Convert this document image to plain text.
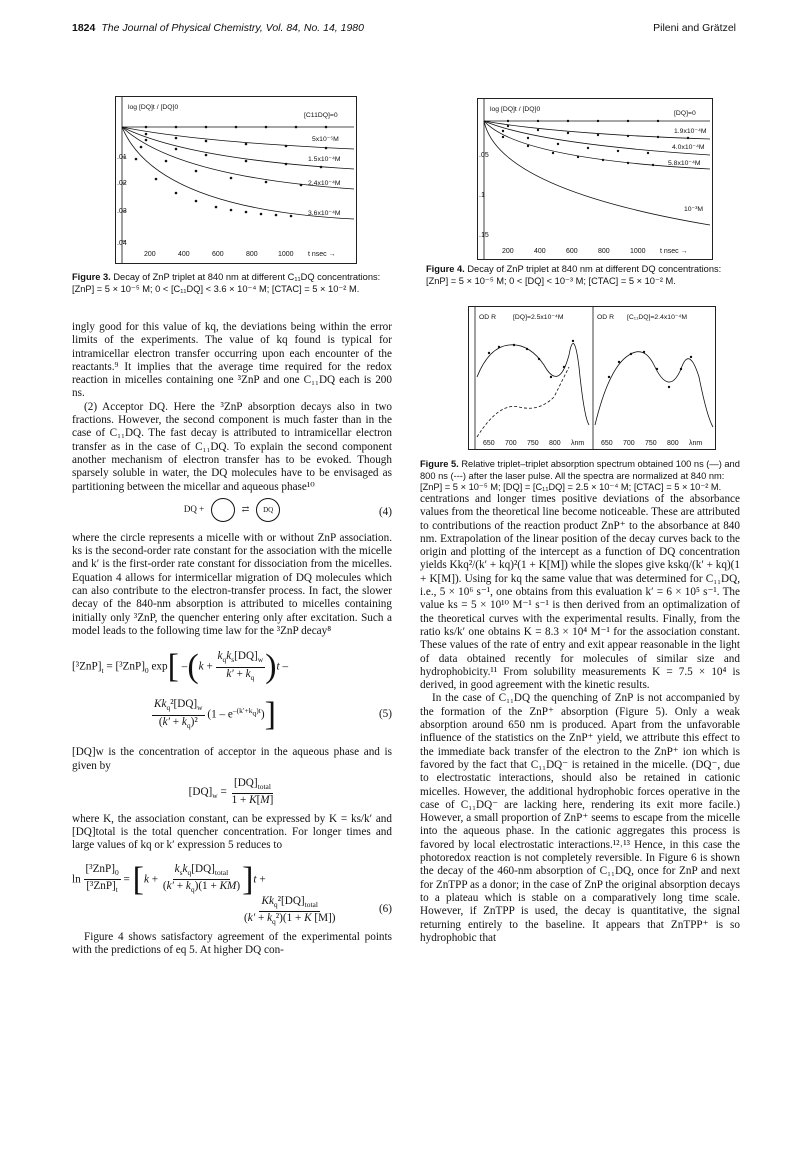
1824 The Journal of Physical Chemistry, Vol. 84, No. 14, 1980	Pileni and Grätzel
log [DQ]t / [DQ]0
[C11DQ]=0
5x10⁻⁵M
1.5x10⁻⁴M
2.4x10⁻⁴M
3.6x10⁻⁴M
.01
.02
.03
.04
200	400	600	800	1000 t nsec →
Figure 3. Decay of ZnP triplet at 840 nm at different C₁₁DQ concentrations: [ZnP] = 5 × 10⁻⁵ M; 0 < [C₁₁DQ] < 3.6 × 10⁻⁴ M; [CTAC] = 5 × 10⁻² M.
log [DQ]t / [DQ]0
[DQ]=0
1.9x10⁻⁴M
4.0x10⁻⁴M
5.8x10⁻⁴M
10⁻³M
.05
.1
.15
200	400	600	800	1000 t nsec →
Figure 4. Decay of ZnP triplet at 840 nm at different DQ concentrations: [ZnP] = 5 × 10⁻⁵ M; 0 < [DQ] < 10⁻³ M; [CTAC] = 5 × 10⁻² M.
OD R	[DQ]=2.5x10⁻⁴M	OD R [C₁₁DQ]=2.4x10⁻⁴M
650 700 750 800 λnm 650 700 750 800 λnm
Figure 5. Relative triplet–triplet absorption spectrum obtained 100 ns (—) and 800 ns (---) after the laser pulse. All the spectra are normalized at 840 nm: [ZnP] = 5 × 10⁻⁵ M; [DQ] = [C₁₁DQ] = 2.5 × 10⁻⁴ M; [CTAC] = 5 × 10⁻² M.

ingly good for this value of kq, the deviations being within the error limits of the experiments. The value of kq found is typical for intramicellar electron transfer occurring upon each encounter of the reactants.⁹ It implies that the average time required for the redox reaction in micelles containing one ³ZnP and one C₁₁DQ each is 200 ns.

(2) Acceptor DQ. Here the ³ZnP absorption decays also in two fractions. However, the second component is much faster than in the case of C₁₁DQ. The fast decay is attributed to intramicellar electron transfer as in the case of C₁₁DQ. To explain the second component another mechanism of electron transfer has to be evoked. Though sparsely soluble in water, the DQ molecules have to be envisaged as partitioning between the micellar and aqueous phase¹⁰

DQ +	⇄ DQ	(4)

where the circle represents a micelle with or without ZnP association. ks is the second-order rate constant for the association with the micelle and k′ is the first-order rate constant for dissociation from the micelles. Equation 4 allows for intermicellar migration of DQ molecules which can also contribute to the electron-transfer process. In fact, the slower decay of the 840-nm absorption is attributed to micelles containing initially only ³ZnP, the quencher entering only after excitation. Such a model leads to the following time law for the ³ZnP decay⁸

$[^3ZnP]_t = [^3ZnP]_0$ exp[ $-(k + \frac{k_qk_s[DQ]_w}{k' + k_q} )t$ –
$\frac{Kk_q^2[DQ]_w}{(k' + k_q)^2} (1 - e^{-(k'+k_q)t})$]	(5)

[DQ]w is the concentration of acceptor in the aqueous phase and is given by

$[DQ]_w = \frac{[DQ]_{total}}{1 + K[M]}$

where K, the association constant, can be expressed by K = ks/k′ and [DQ]total is the total quencher concentration. For longer times and large values of kq or k′ expression 5 reduces to

$\ln \frac{[^3ZnP]_0}{[^3ZnP]_t} = [k + \frac{k_sk_q[DQ]_{total}}{(k' + k_q)(1 + KM)} ]t$ +
$\frac{Kk_q^2[DQ]_{total}}{(k' + k_q^2)(1 + K [M])}$	(6)

Figure 4 shows satisfactory agreement of the experimental points with the predictions of eq 5. At higher DQ con-

centrations and longer times positive deviations of the absorbance values from the theoretical line become noticeable. These are attributed to contributions of the reaction product ZnP⁺ to the absorbance at 840 nm. Extrapolation of the linear position of the decay curves back to the origin and plotting of the intercept as a function of DQ concentration yields Kkq²/(k′ + kq)²(1 + K[M]) while the slopes give kskq/(k′ + kq)(1 + K[M]). Using for kq the same value that was determined for C₁₁DQ, i.e., 5 × 10⁶ s⁻¹, one obtains from this evaluation k′ = 6 × 10⁵ s⁻¹. The value ks = 5 × 10¹⁰ M⁻¹ s⁻¹ is then derived from an optimalization of the theoretical curves with the experimental results. Finally, from the ratio ks/k′ one obtains K = 8.3 × 10⁴ M⁻¹ for the association constant. These values of the rate of entry and exit appear reasonable in the light of data obtained recently for molecules of similar size and hydrophobicity.¹¹ From solubility measurements K = 7.5 × 10⁴ is derived, in good agreement with the kinetic results.

In the case of C₁₁DQ the quenching of ZnP is not accompanied by the formation of the ZnP⁺ absorption (Figure 5). Only a weak absorption around 650 nm is produced. Apart from the unfavorable influence of the statistics on the ZnP⁺ yield, we attribute this effect to the immediate back transfer of the electron to the ZnP⁺ ion which is favored by the fact that C₁₁DQ⁻ is retained in the micelle. (DQ⁻, due to electrostatic interactions, should also be retained in cationic micelles. However, the additional hydrophobic forces operative in the case of C₁₁DQ⁻ are lacking here, rendering its exit more facile.) However, a small proportion of ZnP⁺ seems to escape from the micelle into the aqueous phase. In the cationic aggregates this process is favored by local electrostatic interactions.¹²˒¹³ Hence, in this case the photoredox reaction is not completely reversible. In Figure 6 is shown the decay of the 460-nm absorption of C₁₁DQ, once for ZnP and next for ZnTPP as a donor; in the case of ZnP the original absorption decays to a plateau which is stable on a comparatively long time scale. However, if ZnTPP is used, the decay is quantitative, the signal returning entirely to the baseline. It appears that ZnTPP⁺ is so hydrophobic that
